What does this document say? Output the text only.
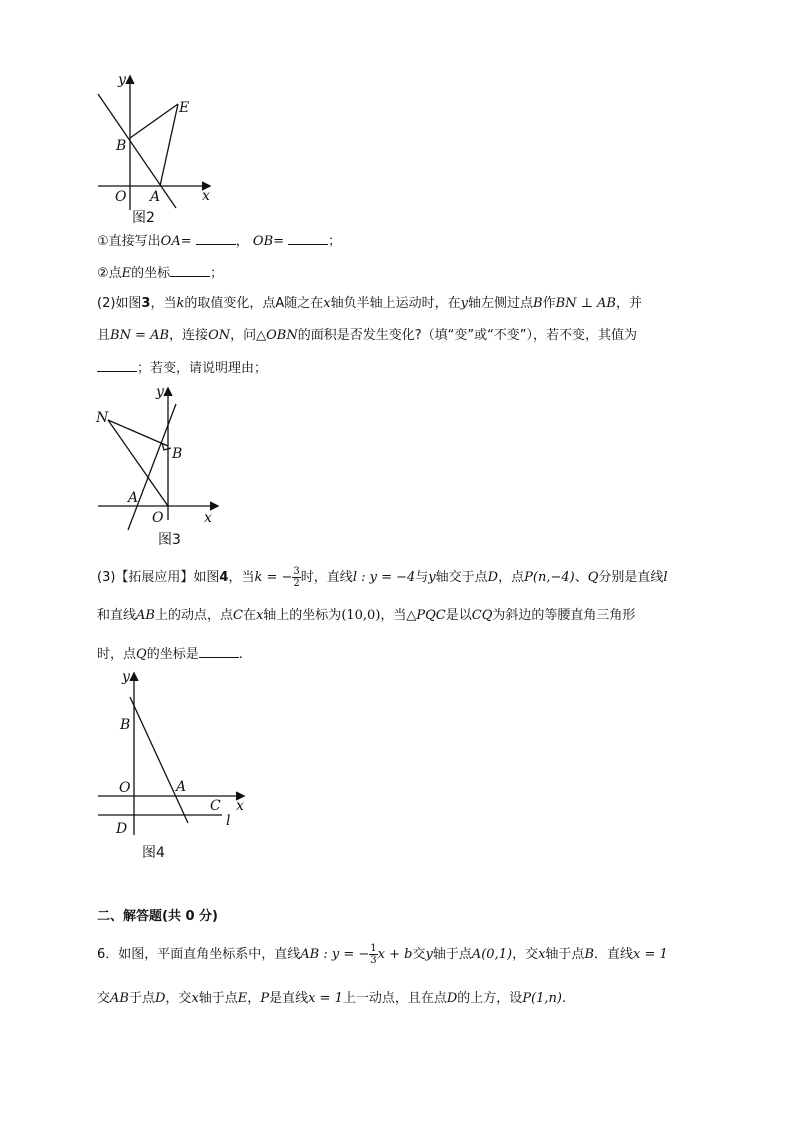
y
E
B
x
O A
图2
①直接写出OA=	， OB=	；
②点E的坐标	；
(2)如图3，当k的取值变化，点A随之在x轴负半轴上运动时，在y轴左侧过点B作BN ⊥ AB，并
且BN = AB，连接ON，问△OBN的面积是否发生变化?（填“变”或“不变”），若不变，其值为
；若变，请说明理由；
y
N
B
A
O	x
图3
(3)【拓展应用】如图4，当k = − $\frac{3}{2}$ 时，直线l : y = −4与y轴交于点D，点P(n,−4)、Q分别是直线l
和直线AB上的动点，点C在x轴上的坐标为(10,0)，当△PQC是以CQ为斜边的等腰直角三角形
时，点Q的坐标是	.
y
B
O	A
C x
D	l
图4
二、解答题(共 0 分)
6．如图，平面直角坐标系中，直线AB : y = − $\frac{1}{3}$ x + b交y轴于点A(0,1)，交x轴于点B．直线x = 1
交AB于点D，交x轴于点E，P是直线x = 1上一动点，且在点D的上方，设P(1,n).
